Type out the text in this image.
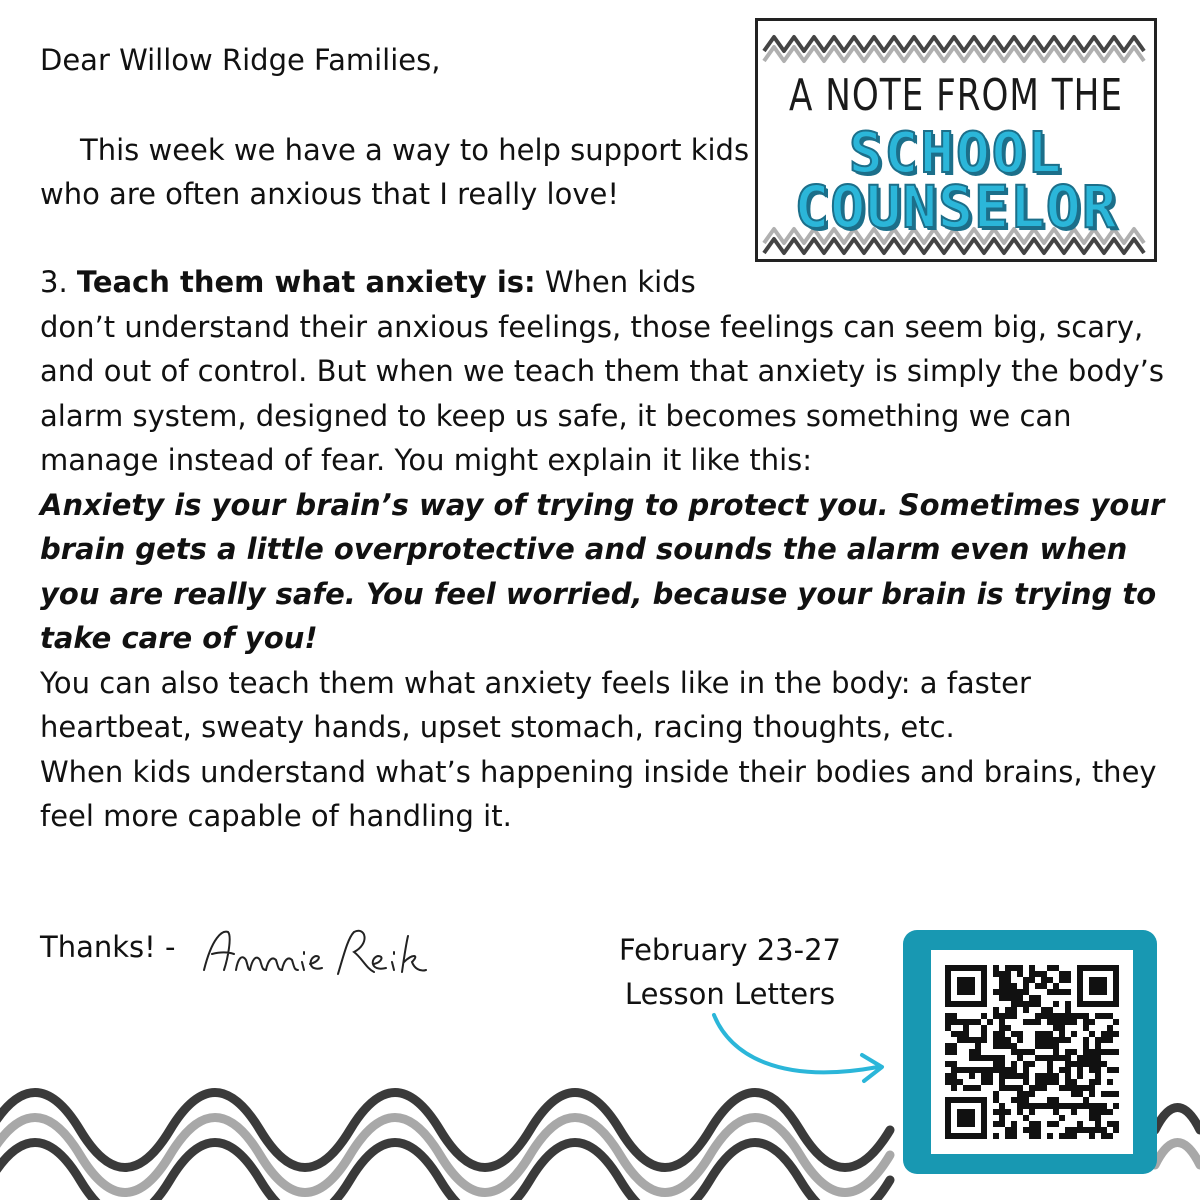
Dear Willow Ridge Families,

This week we have a way to help support kids who are often anxious that I really love!

3. Teach them what anxiety is: When kids

don’t understand their anxious feelings, those feelings can seem big, scary, and out of control. But when we teach them that anxiety is simply the body’s alarm system, designed to keep us safe, it becomes something we can manage instead of fear. You might explain it like this:

Anxiety is your brain’s way of trying to protect you. Sometimes your brain gets a little overprotective and sounds the alarm even when you are really safe. You feel worried, because your brain is trying to take care of you!

You can also teach them what anxiety feels like in the body: a faster heartbeat, sweaty hands, upset stomach, racing thoughts, etc.

When kids understand what’s happening inside their bodies and brains, they feel more capable of handling it.

A NOTE FROM THE
SCHOOL
COUNSELOR
Thanks! -	February 23-27
Lesson Letters
